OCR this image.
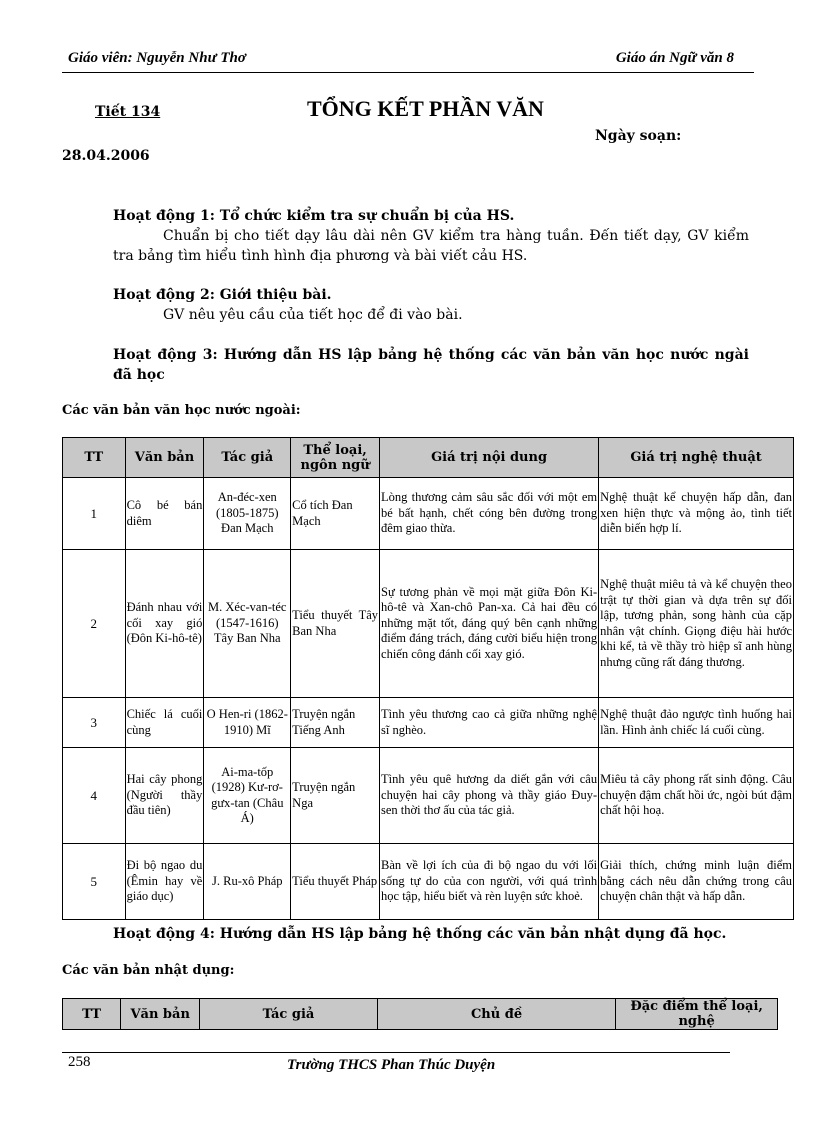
Giáo viên: Nguyễn Như Thơ	Giáo án Ngữ văn 8
Tiết 134	TỔNG KẾT PHẦN VĂN
Ngày soạn:
28.04.2006
Hoạt động 1: Tổ chức kiểm tra sự chuẩn bị của HS.
Chuẩn bị cho tiết dạy lâu dài nên GV kiểm tra hàng tuần. Đến tiết dạy, GV kiểm tra bảng tìm hiểu tình hình địa phương và bài viết cảu HS.
Hoạt động 2: Giới thiệu bài.
GV nêu yêu cầu của tiết học để đi vào bài.
Hoạt động 3: Hướng dẫn HS lập bảng hệ thống các văn bản văn học nước ngài đã học
Các văn bản văn học nước ngoài:
TT	Văn bản	Tác giả	Thể loại, ngôn ngữ	Giá trị nội dung	Giá trị nghệ thuật
1	Cô bé bán diêm	An-đéc-xen (1805-1875) Đan Mạch	Cổ tích Đan Mạch	Lòng thương cảm sâu sắc đối với một em bé bất hạnh, chết cóng bên đường trong đêm giao thừa.	Nghệ thuật kể chuyện hấp dẫn, đan xen hiện thực và mộng ảo, tình tiết diễn biến hợp lí.
2	Đánh nhau với cối xay gió (Đôn Ki-hô-tê)	M. Xéc-van-téc (1547-1616) Tây Ban Nha	Tiểu thuyết Tây Ban Nha	Sự tương phản về mọi mặt giữa Đôn Ki-hô-tê và Xan-chô Pan-xa. Cả hai đều có những mặt tốt, đáng quý bên cạnh những điểm đáng trách, đáng cười biểu hiện trong chiến công đánh cối xay gió.	Nghệ thuật miêu tả và kể chuyện theo trật tự thời gian và dựa trên sự đối lập, tương phản, song hành của cặp nhân vật chính. Giọng điệu hài hước khi kể, tả về thầy trò hiệp sĩ anh hùng nhưng cũng rất đáng thương.
3	Chiếc lá cuối cùng	O Hen-ri (1862-1910) Mĩ	Truyện ngắn Tiếng Anh	Tình yêu thương cao cả giữa những nghệ sĩ nghèo.	Nghệ thuật đảo ngược tình huống hai lần. Hình ảnh chiếc lá cuối cùng.
4	Hai cây phong (Người thầy đầu tiên)	Ai-ma-tốp (1928) Kư-rơ-gưx-tan (Châu Á)	Truyện ngắn Nga	Tình yêu quê hương da diết gắn với câu chuyện hai cây phong và thầy giáo Đuy-sen thời thơ ấu của tác giả.	Miêu tả cây phong rất sinh động. Câu chuyện đậm chất hồi ức, ngòi bút đậm chất hội hoạ.
5	Đi bộ ngao du (Êmin hay về giáo dục)	J. Ru-xô Pháp	Tiểu thuyết Pháp	Bàn về lợi ích của đi bộ ngao du với lối sống tự do của con người, với quá trình học tập, hiểu biết và rèn luyện sức khoẻ.	Giải thích, chứng minh luận điểm bằng cách nêu dẫn chứng trong câu chuyện chân thật và hấp dẫn.
Hoạt động 4: Hướng dẫn HS lập bảng hệ thống các văn bản nhật dụng đã học.
Các văn bản nhật dụng:
TT	Văn bản	Tác giả	Chủ đề	Đặc điểm thể loại, nghệ
258	Trường THCS Phan Thúc Duyện
